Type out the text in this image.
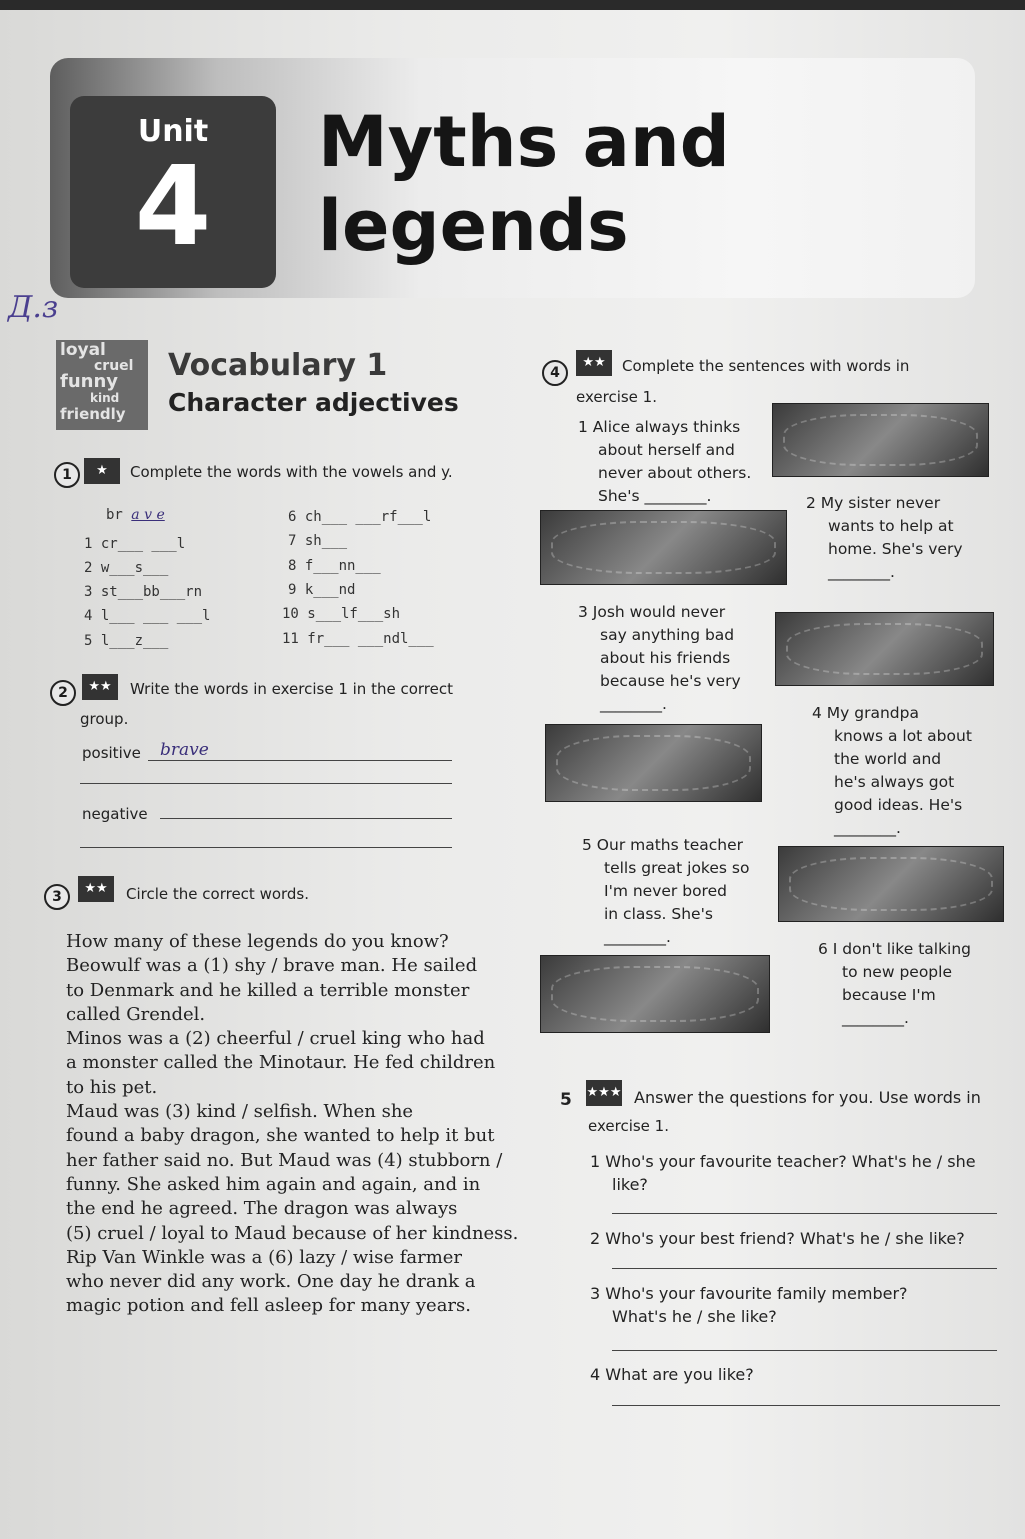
Unit
4	Myths and
legends
Д.з
loyal
cruel
funny
kind
friendly
Vocabulary 1
Character adjectives
1	★	Complete the words with the vowels and y.
br a v e
1 cr___ ___l
2 w___s___
3 st___bb___rn
4 l___ ___ ___l
5 l___z___
6 ch___ ___rf___l
7 sh___
8 f___nn___
9 k___nd
10 s___lf___sh
11 fr___ ___ndl___
2	★★	Write the words in exercise 1 in the correct
group.
positive brave
negative
3
★★	Circle the correct words.
How many of these legends do you know?
Beowulf was a (1) shy / brave man. He sailed
to Denmark and he killed a terrible monster
called Grendel.
Minos was a (2) cheerful / cruel king who had
a monster called the Minotaur. He fed children
to his pet.
Maud was (3) kind / selfish. When she
found a baby dragon, she wanted to help it but
her father said no. But Maud was (4) stubborn /
funny. She asked him again and again, and in
the end he agreed. The dragon was always
(5) cruel / loyal to Maud because of her kindness.
Rip Van Winkle was a (6) lazy / wise farmer
who never did any work. One day he drank a
magic potion and fell asleep for many years.
4
★★	Complete the sentences with words in
exercise 1.
1 Alice always thinks
about herself and
never about others.
She's ________.	2 My sister never
wants to help at
home. She's very
________.
3 Josh would never
say anything bad
about his friends
because he's very
________.	4 My grandpa
knows a lot about
the world and
he's always got
good ideas. He's
________.
5 Our maths teacher
tells great jokes so
I'm never bored
in class. She's
________.
6 I don't like talking
to new people
because I'm
________.
5 ★★★ Answer the questions for you. Use words in
exercise 1.
1 Who's your favourite teacher? What's he / she
like?
2 Who's your best friend? What's he / she like?
3 Who's your favourite family member?
What's he / she like?
4 What are you like?
